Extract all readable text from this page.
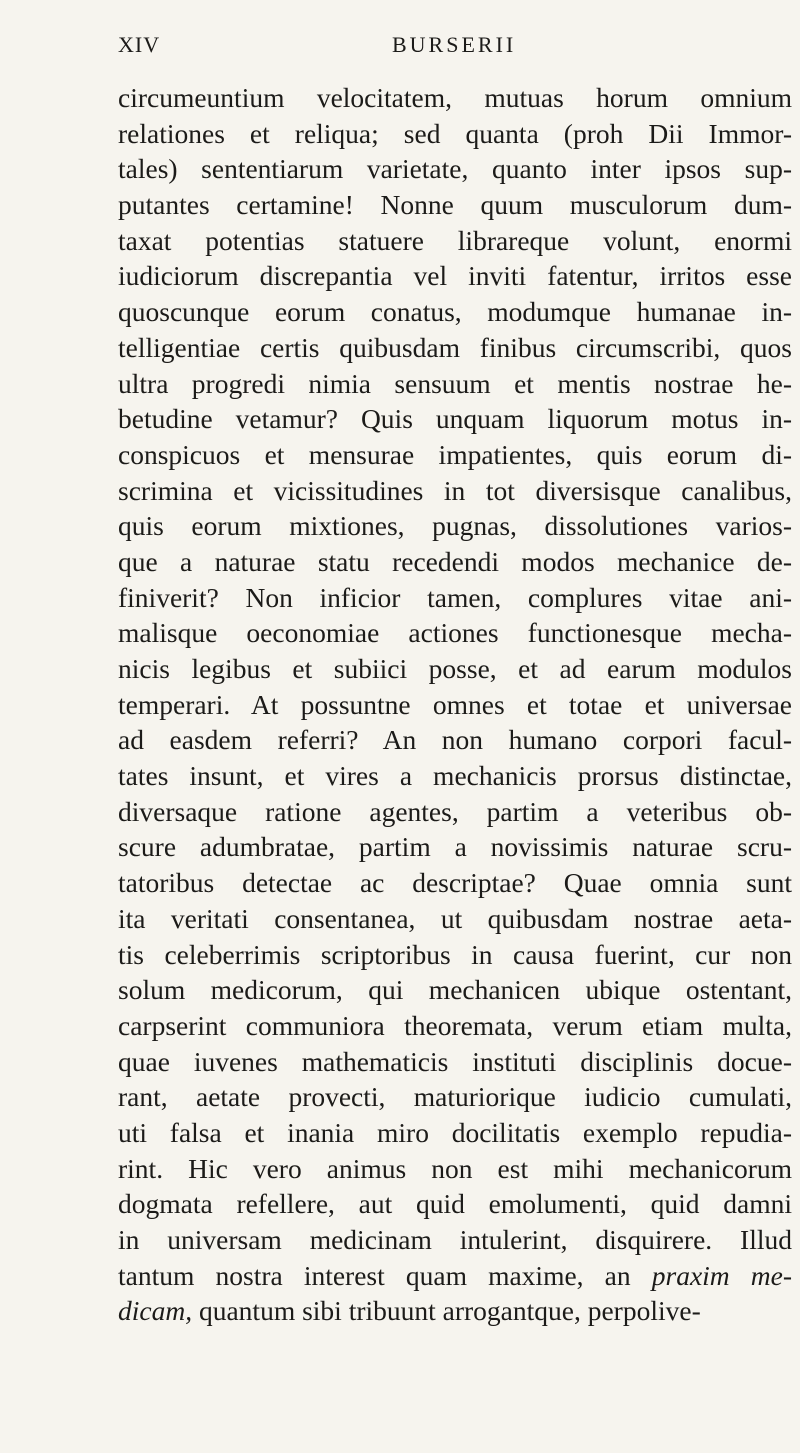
XIV	BURSERII
circumeuntium velocitatem, mutuas horum omnium
relationes et reliqua; sed quanta (proh Dii Immor-
tales) sententiarum varietate, quanto inter ipsos sup-
putantes certamine! Nonne quum musculorum dum-
taxat potentias statuere librareque volunt, enormi
iudiciorum discrepantia vel inviti fatentur, irritos esse
quoscunque eorum conatus, modumque humanae in-
telligentiae certis quibusdam finibus circumscribi, quos
ultra progredi nimia sensuum et mentis nostrae he-
betudine vetamur? Quis unquam liquorum motus in-
conspicuos et mensurae impatientes, quis eorum di-
scrimina et vicissitudines in tot diversisque canalibus,
quis eorum mixtiones, pugnas, dissolutiones varios-
que a naturae statu recedendi modos mechanice de-
finiverit? Non inficior tamen, complures vitae ani-
malisque oeconomiae actiones functionesque mecha-
nicis legibus et subiici posse, et ad earum modulos
temperari. At possuntne omnes et totae et universae
ad easdem referri? An non humano corpori facul-
tates insunt, et vires a mechanicis prorsus distinctae,
diversaque ratione agentes, partim a veteribus ob-
scure adumbratae, partim a novissimis naturae scru-
tatoribus detectae ac descriptae? Quae omnia sunt
ita veritati consentanea, ut quibusdam nostrae aeta-
tis celeberrimis scriptoribus in causa fuerint, cur non
solum medicorum, qui mechanicen ubique ostentant,
carpserint communiora theoremata, verum etiam multa,
quae iuvenes mathematicis instituti disciplinis docue-
rant, aetate provecti, maturiorique iudicio cumulati,
uti falsa et inania miro docilitatis exemplo repudia-
rint. Hic vero animus non est mihi mechanicorum
dogmata refellere, aut quid emolumenti, quid damni
in universam medicinam intulerint, disquirere. Illud
tantum nostra interest quam maxime, an praxim me-
dicam, quantum sibi tribuunt arrogantque, perpolive-
